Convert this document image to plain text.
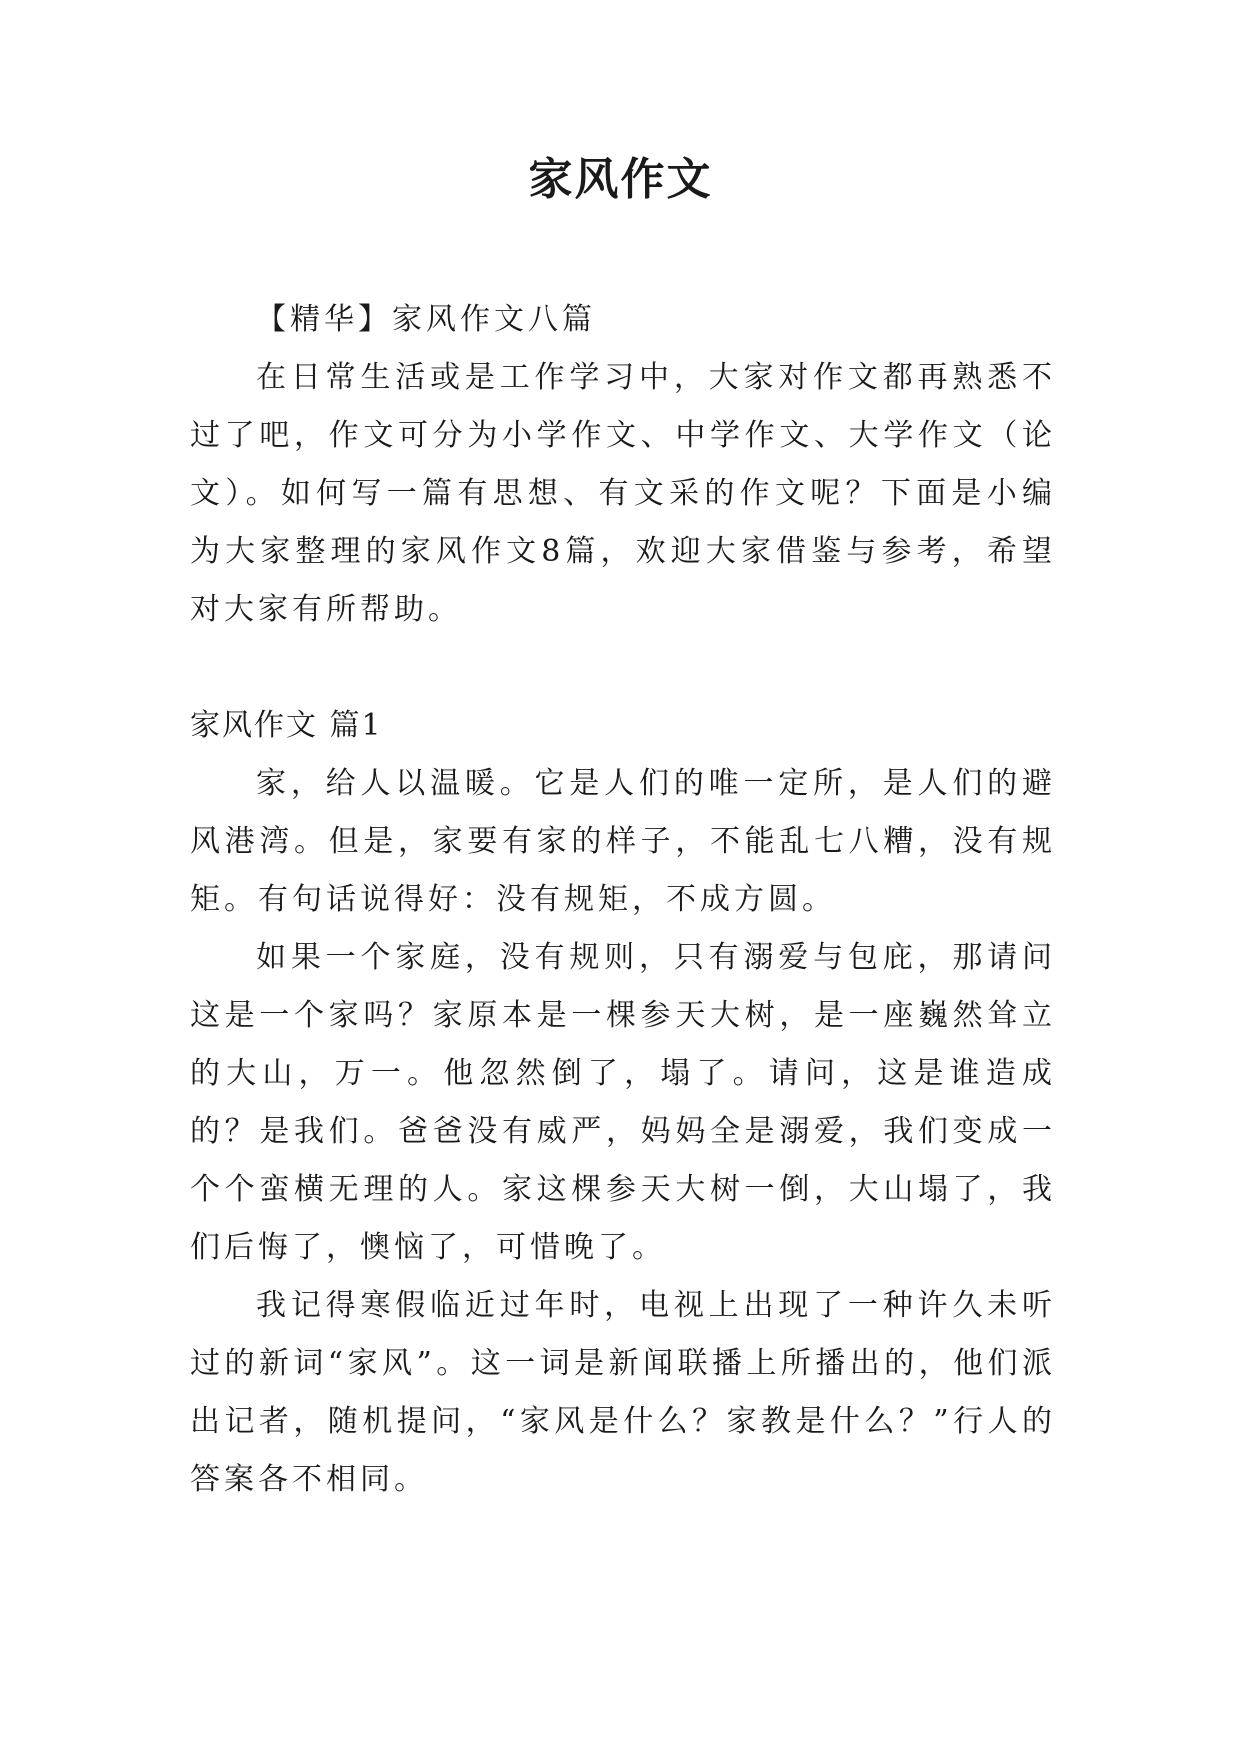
家风作文

【精华】家风作文八篇

在日常生活或是工作学习中，大家对作文都再熟悉不过了吧，作文可分为小学作文、中学作文、大学作文（论文）。如何写一篇有思想、有文采的作文呢？下面是小编为大家整理的家风作文8篇，欢迎大家借鉴与参考，希望对大家有所帮助。

家风作文 篇1

家，给人以温暖。它是人们的唯一定所，是人们的避风港湾。但是，家要有家的样子，不能乱七八糟，没有规矩。有句话说得好：没有规矩，不成方圆。

如果一个家庭，没有规则，只有溺爱与包庇，那请问这是一个家吗？家原本是一棵参天大树，是一座巍然耸立的大山，万一。他忽然倒了，塌了。请问，这是谁造成的？是我们。爸爸没有威严，妈妈全是溺爱，我们变成一个个蛮横无理的人。家这棵参天大树一倒，大山塌了，我们后悔了，懊恼了，可惜晚了。

我记得寒假临近过年时，电视上出现了一种许久未听过的新词“家风”。这一词是新闻联播上所播出的，他们派出记者，随机提问，“家风是什么？家教是什么？”行人的答案各不相同。
